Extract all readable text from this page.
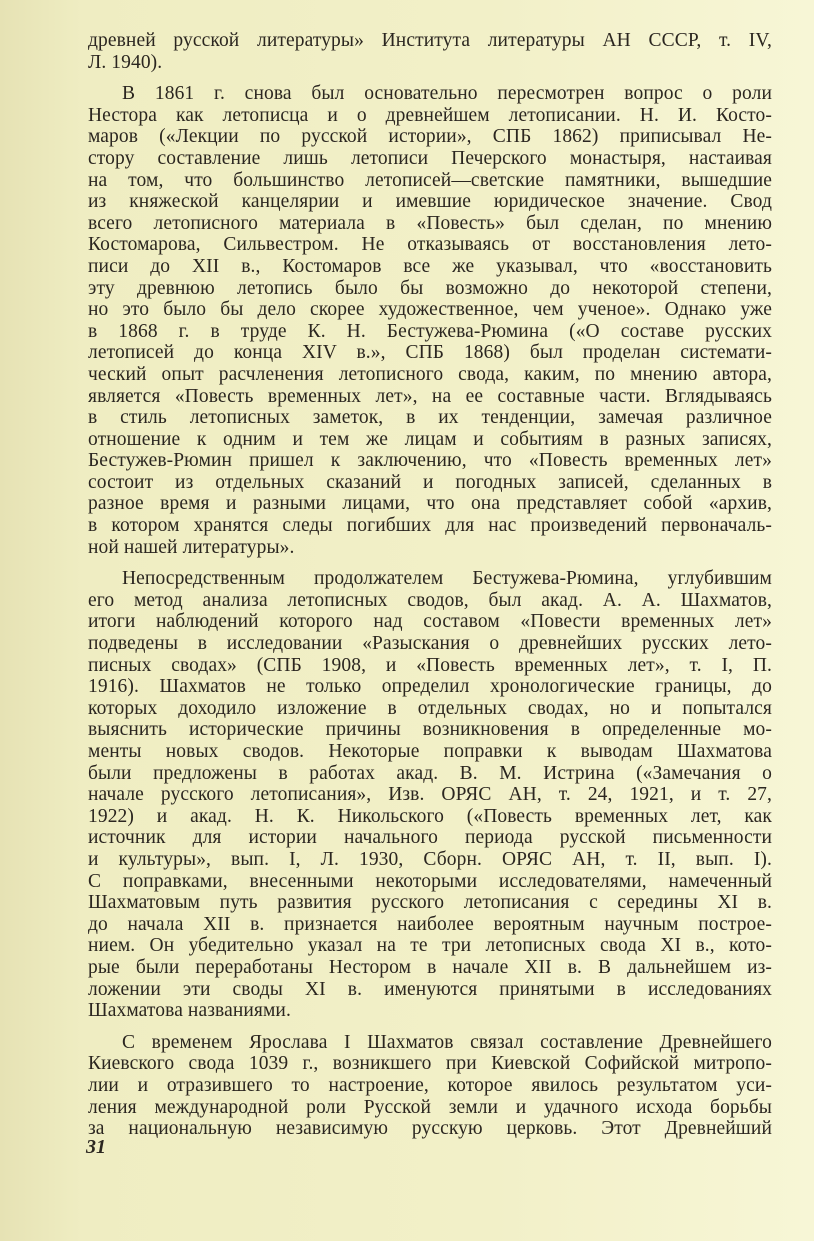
древней русской литературы» Института литературы АН СССР, т. IV,
Л. 1940).
В 1861 г. снова был основательно пересмотрен вопрос о роли
Нестора как летописца и о древнейшем летописании. Н. И. Косто-
маров («Лекции по русской истории», СПБ 1862) приписывал Не-
стору составление лишь летописи Печерского монастыря, настаивая
на том, что большинство летописей—светские памятники, вышедшие
из княжеской канцелярии и имевшие юридическое значение. Свод
всего летописного материала в «Повесть» был сделан, по мнению
Костомарова, Сильвестром. Не отказываясь от восстановления лето-
писи до XII в., Костомаров все же указывал, что «восстановить
эту древнюю летопись было бы возможно до некоторой степени,
но это было бы дело скорее художественное, чем ученое». Однако уже
в 1868 г. в труде К. Н. Бестужева-Рюмина («О составе русских
летописей до конца XIV в.», СПБ 1868) был проделан системати-
ческий опыт расчленения летописного свода, каким, по мнению автора,
является «Повесть временных лет», на ее составные части. Вглядываясь
в стиль летописных заметок, в их тенденции, замечая различное
отношение к одним и тем же лицам и событиям в разных записях,
Бестужев-Рюмин пришел к заключению, что «Повесть временных лет»
состоит из отдельных сказаний и погодных записей, сделанных в
разное время и разными лицами, что она представляет собой «архив,
в котором хранятся следы погибших для нас произведений первоначаль-
ной нашей литературы».
Непосредственным продолжателем Бестужева-Рюмина, углубившим
его метод анализа летописных сводов, был акад. А. А. Шахматов,
итоги наблюдений которого над составом «Повести временных лет»
подведены в исследовании «Разыскания о древнейших русских лето-
писных сводах» (СПБ 1908, и «Повесть временных лет», т. I, П.
1916). Шахматов не только определил хронологические границы, до
которых доходило изложение в отдельных сводах, но и попытался
выяснить исторические причины возникновения в определенные мо-
менты новых сводов. Некоторые поправки к выводам Шахматова
были предложены в работах акад. В. М. Истрина («Замечания о
начале русского летописания», Изв. ОРЯС АН, т. 24, 1921, и т. 27,
1922) и акад. Н. К. Никольского («Повесть временных лет, как
источник для истории начального периода русской письменности
и культуры», вып. I, Л. 1930, Сборн. ОРЯС АН, т. II, вып. I).
С поправками, внесенными некоторыми исследователями, намеченный
Шахматовым путь развития русского летописания с середины XI в.
до начала XII в. признается наиболее вероятным научным построе-
нием. Он убедительно указал на те три летописных свода XI в., кото-
рые были переработаны Нестором в начале XII в. В дальнейшем из-
ложении эти своды XI в. именуются принятыми в исследованиях
Шахматова названиями.
С временем Ярослава I Шахматов связал составление Древнейшего
Киевского свода 1039 г., возникшего при Киевской Софийской митропо-
лии и отразившего то настроение, которое явилось результатом уси-
ления международной роли Русской земли и удачного исхода борьбы
за национальную независимую русскую церковь. Этот Древнейший
31
